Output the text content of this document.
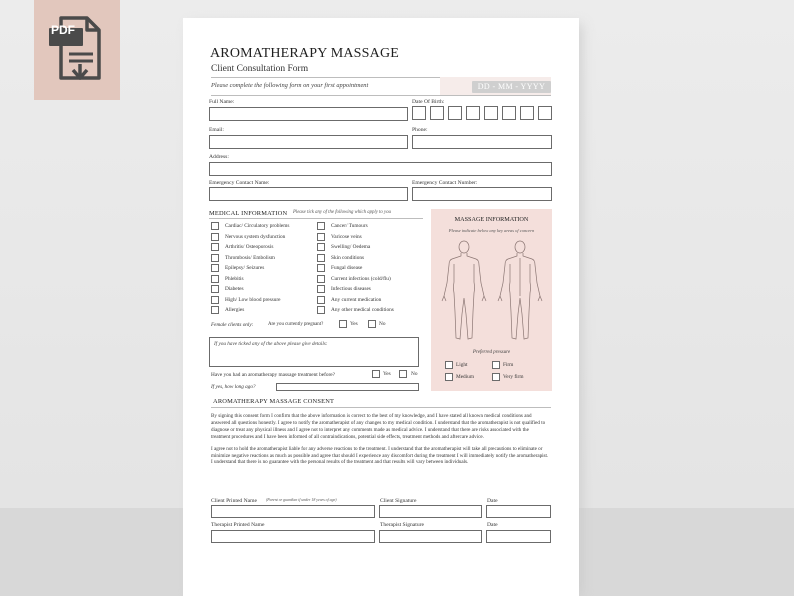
PDF
AROMATHERAPY MASSAGE
Client Consultation Form
Please complete the following form on your first appointment	DD - MM - YYYY
Full Name:	Date Of Birth:
Email:	Phone:
Address:
Emergency Contact Name:	Emergency Contact Number:
MEDICAL INFORMATION Please tick any of the following which apply to you
Cardiac/ Circulatory problems
Nervous system dysfunction
Arthritis/ Osteoporosis
Thrombosis/ Embolism
Epilepsy/ Seizures
Phlebitis
Diabetes
High/ Low blood pressure
Allergies
Cancer/ Tumours
Varicose veins
Swelling/ Oedema
Skin conditions
Fungal disease
Current infections (cold/flu)
Infectious diseases
Any current medication
Any other medical conditions
Female clients only:	Are you currently pregnant?	Yes	No
If you have ticked any of the above please give details:
Have you had an aromatherapy massage treatment before?	Yes	No
If yes, how long ago?
MASSAGE INFORMATION
Please indicate below any key areas of concern
Preferred pressure
Light	Firm
Medium	Very firm
AROMATHERAPY MASSAGE CONSENT

By signing this consent form I confirm that the above information is correct to the best of my knowledge, and I have stated all known medical conditions and answered all questions honestly. I agree to notify the aromatherapist of any changes to my medical condition. I understand that the aromatherapist is not qualified to diagnose or treat any physical illness and I agree not to interpret any comments made as medical advice. I understand that there are risks associated with the treatment procedures and I have been informed of all contraindications, potential side effects, treatment methods and aftercare advice.

I agree not to hold the aromatherapist liable for any adverse reactions to the treatment. I understand that the aromatherapist will take all precautions to eliminate or minimize negative reactions as much as possible and agree that should I experience any discomfort during the treatment I will immediately notify the aromatherapist. I understand that there is no guarantee with the personal results of the treatment and that results will vary between individuals.

Client Printed Name (Parent or guardian if under 18 years of age)	Client Signature	Date
Therapist Printed Name	Therapist Signature	Date
